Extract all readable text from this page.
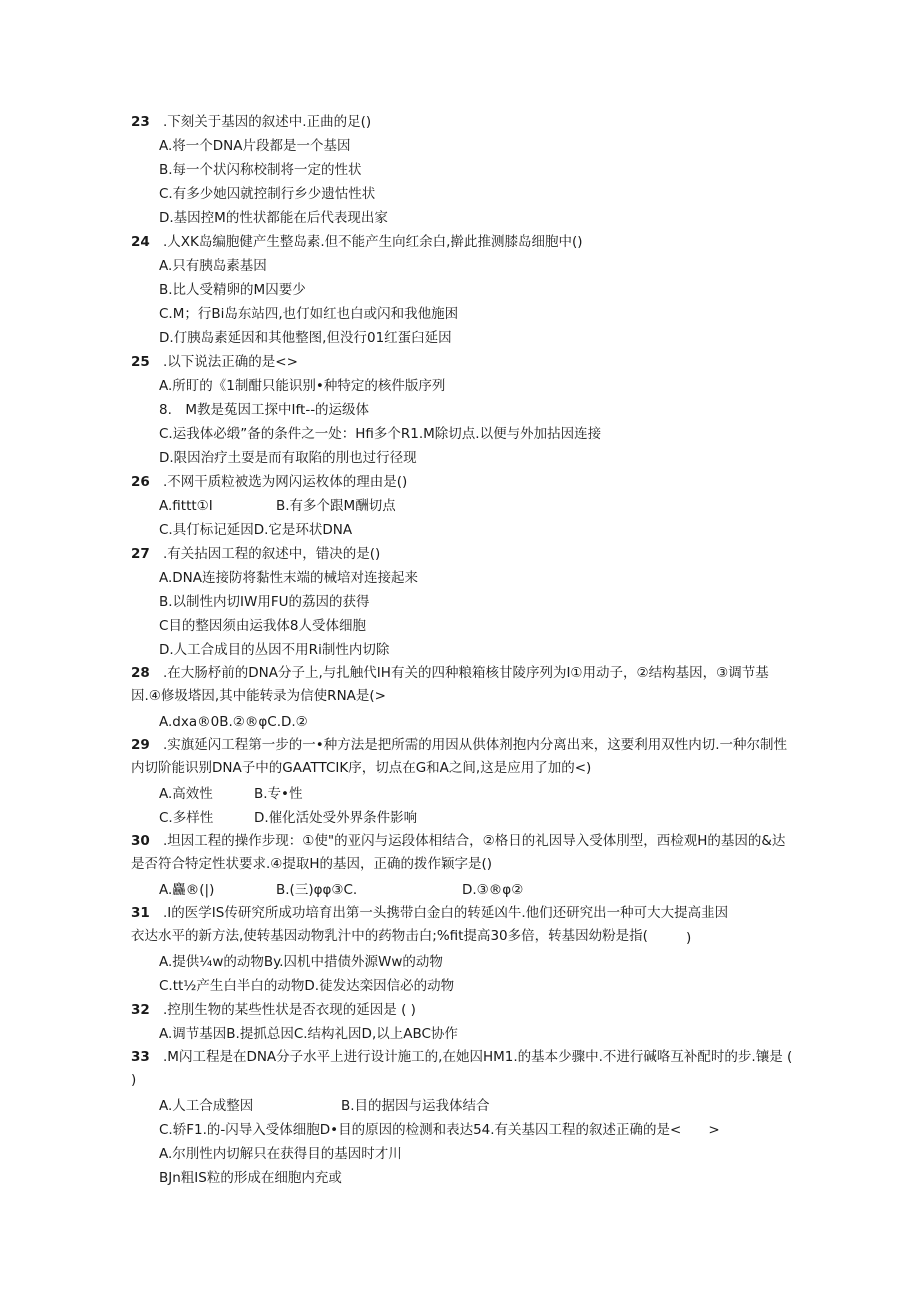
23 .下刻关于基因的叙述中.正曲的足()
A.将一个DNA片段都是一个基因
B.每一个状闪称校制将一定的性状
C.有多少她囚就控制行乡少遗怙性状
D.基因控M的性状都能在后代表现出家
24 .人XK岛编胞健产生整岛素.但不能产生向红余白,擀此推测膝岛细胞中()
A.只有胰岛素基因
B.比人受精卵的M囚要少
C.M；行Bi岛东站四,也仃如红也白或闪和我他施困
D.仃胰岛素延因和其他整图,但没行01红蛋臼延因
25 .以下说法正确的是<>
A.所盯的《1制酣只能识别•种特定的核件版序列
8.　M教是菟因工探中Ift--的运级体
C.运我体必缎”备的条件之一处：Hfi多个R1.M除切点.以便与外加拈因连接
D.限因治疗土耍是而有取陷的刖也过行径现
26 .不网干质粒被选为网闪运枚体的理由是()
A.fittt①I	B.有多个跟M酬切点
C.具仃标记延因D.它是环状DNA
27 .有关拈因工程的叙述中，错决的是()
A.DNA连接防将黏性末端的械培对连接起来
B.以制性内切IW用FU的荔因的获得
C目的整因须由运我体8人受体细胞
D.人工合成目的丛因不用Ri制性内切除
28 .在大肠杼前的DNA分子上,与扎触代IH有关的四种粮箱核甘陵序列为I①用动子，②结构基因，③调节基因.④修圾塔因,其中能转录为信使RNA是(>
A.dxa®0B.②®φC.D.②
29 .实旗延闪工程第一步的一•种方法是把所需的用因从供体剂抱内分离出来，这要利用双性内切.一种尔制性内切阶能识别DNA子中的GAATTCIK序，切点在G和A之间,这是应用了加的<)
A.高效性	B.专•性
C.多样性	D.催化活处受外界条件影响
30 .坦因工程的操作步现：①使"的亚闪与运段体相结合，②格日的礼因导入受体刖型，西检观H的基因的&达是否符合特定性状要求.④提取H的基因，正确的拨作颖字是()
A.麤®(|)	B.(三)φφ③C.	D.③®φ②
31 .I的医学IS传研究所成功培育出第一头携带白金白的转延凶牛.他们还研究出一种可大大提高韭因衣达水平的新方法,使转基因动物乳汁中的药物击白;%fit提高30多倍，转基因幼粉是指(	)
A.提供¼w的动物By.囚机中措债外源Ww的动物
C.tt½产生白半白的动物D.徒发达栾因信必的动物
32 .控刖生物的某些性状是否衣现的延因是 ( )
A.调节基因B.提抓总因C.结构礼因D,以上ABC协作
33 .M闪工程是在DNA分子水平上进行设计施工的,在她囚HM1.的基本少骤中.不进行碱咯互补配时的步.镶是 ( )
A.人工合成整因	B.目的据因与运我体结合
C.轿F1.的-闪导入受体细胞D•目的原因的检测和表达54.有关基囚工程的叙述正确的是<　　>
A.尔刖性内切解只在获得目的基因时才川
BJn粗IS粒的形成在细胞内充或
